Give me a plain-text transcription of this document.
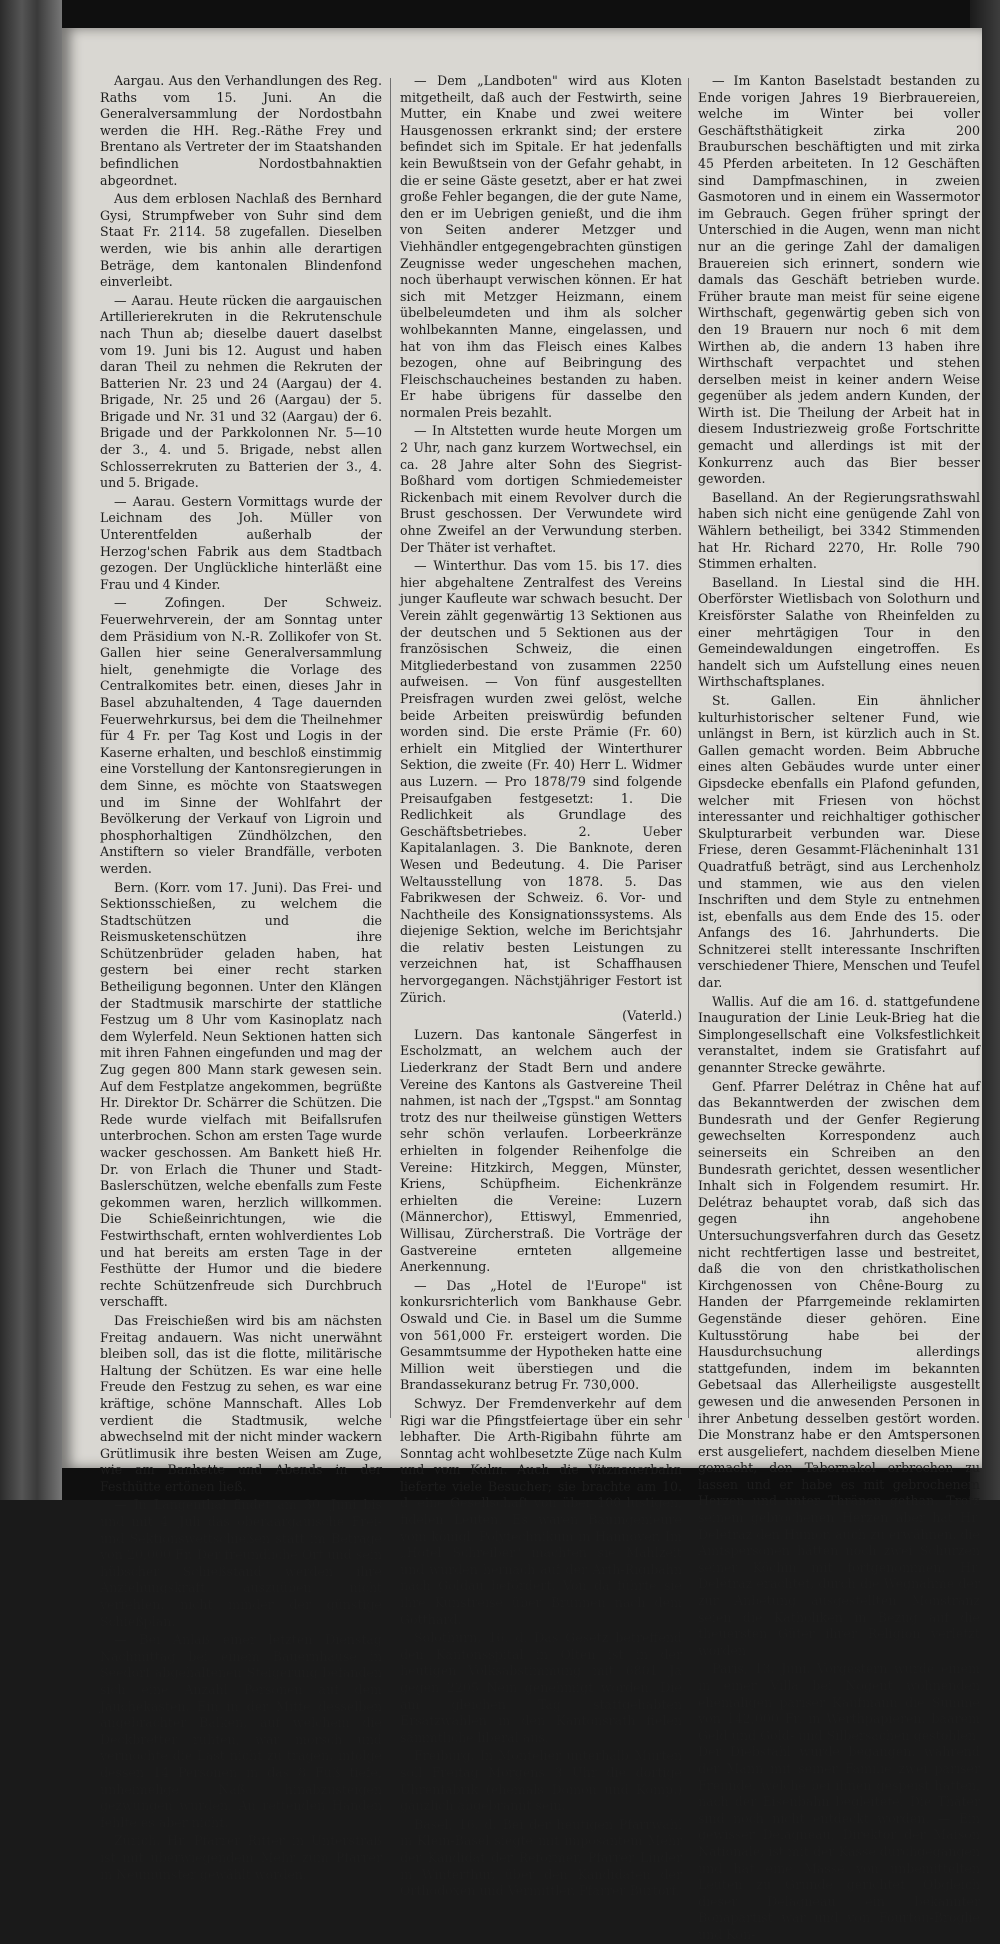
Aargau. Aus den Verhandlungen des Reg. Raths vom 15. Juni. An die Generalversammlung der Nordostbahn werden die HH. Reg.-Räthe Frey und Brentano als Vertreter der im Staatshanden befindlichen Nordostbahnaktien abgeordnet.

Aus dem erblosen Nachlaß des Bernhard Gysi, Strumpfweber von Suhr sind dem Staat Fr. 2114. 58 zugefallen. Dieselben werden, wie bis anhin alle derartigen Beträge, dem kantonalen Blindenfond einverleibt.

— Aarau. Heute rücken die aargauischen Artillerierekruten in die Rekrutenschule nach Thun ab; dieselbe dauert daselbst vom 19. Juni bis 12. August und haben daran Theil zu nehmen die Rekruten der Batterien Nr. 23 und 24 (Aargau) der 4. Brigade, Nr. 25 und 26 (Aargau) der 5. Brigade und Nr. 31 und 32 (Aargau) der 6. Brigade und der Parkkolonnen Nr. 5—10 der 3., 4. und 5. Brigade, nebst allen Schlosserrekruten zu Batterien der 3., 4. und 5. Brigade.

— Aarau. Gestern Vormittags wurde der Leichnam des Joh. Müller von Unterentfelden außerhalb der Herzog'schen Fabrik aus dem Stadtbach gezogen. Der Unglückliche hinterläßt eine Frau und 4 Kinder.

— Zofingen. Der Schweiz. Feuerwehrverein, der am Sonntag unter dem Präsidium von N.-R. Zollikofer von St. Gallen hier seine Generalversammlung hielt, genehmigte die Vorlage des Centralkomites betr. einen, dieses Jahr in Basel abzuhaltenden, 4 Tage dauernden Feuerwehrkursus, bei dem die Theilnehmer für 4 Fr. per Tag Kost und Logis in der Kaserne erhalten, und beschloß einstimmig eine Vorstellung der Kantonsregierungen in dem Sinne, es möchte von Staatswegen und im Sinne der Wohlfahrt der Bevölkerung der Verkauf von Ligroin und phosphorhaltigen Zündhölzchen, den Anstiftern so vieler Brandfälle, verboten werden.

Bern. (Korr. vom 17. Juni). Das Frei- und Sektionsschießen, zu welchem die Stadtschützen und die Reismusketenschützen ihre Schützenbrüder geladen haben, hat gestern bei einer recht starken Betheiligung begonnen. Unter den Klängen der Stadtmusik marschirte der stattliche Festzug um 8 Uhr vom Kasinoplatz nach dem Wylerfeld. Neun Sektionen hatten sich mit ihren Fahnen eingefunden und mag der Zug gegen 800 Mann stark gewesen sein. Auf dem Festplatze angekommen, begrüßte Hr. Direktor Dr. Schärrer die Schützen. Die Rede wurde vielfach mit Beifallsrufen unterbrochen. Schon am ersten Tage wurde wacker geschossen. Am Bankett hieß Hr. Dr. von Erlach die Thuner und Stadt-Baslerschützen, welche ebenfalls zum Feste gekommen waren, herzlich willkommen. Die Schießeinrichtungen, wie die Festwirthschaft, ernten wohlverdientes Lob und hat bereits am ersten Tage in der Festhütte der Humor und die biedere rechte Schützenfreude sich Durchbruch verschafft.

Das Freischießen wird bis am nächsten Freitag andauern. Was nicht unerwähnt bleiben soll, das ist die flotte, militärische Haltung der Schützen. Es war eine helle Freude den Festzug zu sehen, es war eine kräftige, schöne Mannschaft. Alles Lob verdient die Stadtmusik, welche abwechselnd mit der nicht minder wackern Grütlimusik ihre besten Weisen am Zuge, wie am Bankette und Abends in der Festhütte ertönen ließ.

— In Langenthal findet am 30. Juni bis und mit 4. Juli das oberaargauische Frei- und Sektionswettschießen statt im Betrage von 20,000 Fr. Der freundliche Ort und sein hübscher Schießstand werden ihre Anziehungskraft auszuüben nicht verfehlen, nicht minder der günstige Schießplan.

— Bei Anlaß einer letzten Dienstag Nachmittag bei einem Bauernhause in Seedorf abgehaltenen Steigerung befanden sich eine Anzahl Personen auf dem Jauchekasten. Ein in der Mitte desselben angebrachter Balken, auf welchem die Deckbretter ruhten, war morsch und vermochte die Last nicht zu tragen, infolge dessen 14 Personen in das 8 Fuß tiefe, unheimelige Naß hinabzusteigen gezwungen wurden. An rettenden Händen fehlte es aber nicht.

Zürich. Hr. Pfarrer Ritter in Unterstraß ist mit überwiegendem Mehr zum Pfarrer in Neumünster gewählt worden.

— Dem „Landboten" wird aus Kloten mitgetheilt, daß auch der Festwirth, seine Mutter, ein Knabe und zwei weitere Hausgenossen erkrankt sind; der erstere befindet sich im Spitale. Er hat jedenfalls kein Bewußtsein von der Gefahr gehabt, in die er seine Gäste gesetzt, aber er hat zwei große Fehler begangen, die der gute Name, den er im Uebrigen genießt, und die ihm von Seiten anderer Metzger und Viehhändler entgegengebrachten günstigen Zeugnisse weder ungeschehen machen, noch überhaupt verwischen können. Er hat sich mit Metzger Heizmann, einem übelbeleumdeten und ihm als solcher wohlbekannten Manne, eingelassen, und hat von ihm das Fleisch eines Kalbes bezogen, ohne auf Beibringung des Fleischschaucheines bestanden zu haben. Er habe übrigens für dasselbe den normalen Preis bezahlt.

— In Altstetten wurde heute Morgen um 2 Uhr, nach ganz kurzem Wortwechsel, ein ca. 28 Jahre alter Sohn des Siegrist-Boßhard vom dortigen Schmiedemeister Rickenbach mit einem Revolver durch die Brust geschossen. Der Verwundete wird ohne Zweifel an der Verwundung sterben. Der Thäter ist verhaftet.

— Winterthur. Das vom 15. bis 17. dies hier abgehaltene Zentralfest des Vereins junger Kaufleute war schwach besucht. Der Verein zählt gegenwärtig 13 Sektionen aus der deutschen und 5 Sektionen aus der französischen Schweiz, die einen Mitgliederbestand von zusammen 2250 aufweisen. — Von fünf ausgestellten Preisfragen wurden zwei gelöst, welche beide Arbeiten preiswürdig befunden worden sind. Die erste Prämie (Fr. 60) erhielt ein Mitglied der Winterthurer Sektion, die zweite (Fr. 40) Herr L. Widmer aus Luzern. — Pro 1878/79 sind folgende Preisaufgaben festgesetzt: 1. Die Redlichkeit als Grundlage des Geschäftsbetriebes. 2. Ueber Kapitalanlagen. 3. Die Banknote, deren Wesen und Bedeutung. 4. Die Pariser Weltausstellung von 1878. 5. Das Fabrikwesen der Schweiz. 6. Vor- und Nachtheile des Konsignationssystems. Als diejenige Sektion, welche im Berichtsjahr die relativ besten Leistungen zu verzeichnen hat, ist Schaffhausen hervorgegangen. Nächstjähriger Festort ist Zürich.

(Vaterld.)

Luzern. Das kantonale Sängerfest in Escholzmatt, an welchem auch der Liederkranz der Stadt Bern und andere Vereine des Kantons als Gastvereine Theil nahmen, ist nach der „Tgspst." am Sonntag trotz des nur theilweise günstigen Wetters sehr schön verlaufen. Lorbeerkränze erhielten in folgender Reihenfolge die Vereine: Hitzkirch, Meggen, Münster, Kriens, Schüpfheim. Eichenkränze erhielten die Vereine: Luzern (Männerchor), Ettiswyl, Emmenried, Willisau, Zürcherstraß. Die Vorträge der Gastvereine ernteten allgemeine Anerkennung.

— Das „Hotel de l'Europe" ist konkursrichterlich vom Bankhause Gebr. Oswald und Cie. in Basel um die Summe von 561,000 Fr. ersteigert worden. Die Gesammtsumme der Hypotheken hatte eine Million weit überstiegen und die Brandassekuranz betrug Fr. 730,000.

Schwyz. Der Fremdenverkehr auf dem Rigi war die Pfingstfeiertage über ein sehr lebhafter. Die Arth-Rigibahn führte am Sonntag acht wohlbesetzte Züge nach Kulm und vom Kulm. Auch die Vitznauerbahn lieferte viele Besucher; sie brachte am 10. d. eine Gesellschaft von über 100 lustigen, fidelen Leuten. Es waren Bauingenieure vom königl. Polytechnikum in Hannover. Im „Hotel Schreiber" machten sie Mahlzeit und wurden hernach auf der Arth-Rigibahn nach Goldau befördert. Von da führte sie ihre Kunstreise über Brunnen nach dem Gotthard.

Solothurn, 16. d. Das Gesetz betreffend den Kantonsspital in Olten ist in der heutigen Volksabstimmung mit 6801 Ja gegen 2205 Nein genehmigt worden. Die am gleichen Tag stattgehabten Ersatzwahlen in den Kantonsrath fielen sämmtliche liberal aus.

Freiburg. In Montelier unterhalb Murten soll Freitag Morgens 3 Uhr die dortige Uhrenfabrik (ehemals Domon und Komp.) gänzlich abgebrannt sein.

Basel, 16. d. Bei der heutigen Pfarrwahl in Klein-Basel siegte mit imposantem Mehr der Kandidat der Reformer, Pfarrer Linder in Winterthur, über den Kandidaten der Orthodoxen und Vermittler, Pfarrer Burtorf.

— Im Kanton Baselstadt bestanden zu Ende vorigen Jahres 19 Bierbrauereien, welche im Winter bei voller Geschäftsthätigkeit zirka 200 Brauburschen beschäftigten und mit zirka 45 Pferden arbeiteten. In 12 Geschäften sind Dampfmaschinen, in zweien Gasmotoren und in einem ein Wassermotor im Gebrauch. Gegen früher springt der Unterschied in die Augen, wenn man nicht nur an die geringe Zahl der damaligen Brauereien sich erinnert, sondern wie damals das Geschäft betrieben wurde. Früher braute man meist für seine eigene Wirthschaft, gegenwärtig geben sich von den 19 Brauern nur noch 6 mit dem Wirthen ab, die andern 13 haben ihre Wirthschaft verpachtet und stehen derselben meist in keiner andern Weise gegenüber als jedem andern Kunden, der Wirth ist. Die Theilung der Arbeit hat in diesem Industriezweig große Fortschritte gemacht und allerdings ist mit der Konkurrenz auch das Bier besser geworden.

Baselland. An der Regierungsrathswahl haben sich nicht eine genügende Zahl von Wählern betheiligt, bei 3342 Stimmenden hat Hr. Richard 2270, Hr. Rolle 790 Stimmen erhalten.

Baselland. In Liestal sind die HH. Oberförster Wietlisbach von Solothurn und Kreisförster Salathe von Rheinfelden zu einer mehrtägigen Tour in den Gemeindewaldungen eingetroffen. Es handelt sich um Aufstellung eines neuen Wirthschaftsplanes.

St. Gallen. Ein ähnlicher kulturhistorischer seltener Fund, wie unlängst in Bern, ist kürzlich auch in St. Gallen gemacht worden. Beim Abbruche eines alten Gebäudes wurde unter einer Gipsdecke ebenfalls ein Plafond gefunden, welcher mit Friesen von höchst interessanter und reichhaltiger gothischer Skulpturarbeit verbunden war. Diese Friese, deren Gesammt-Flächeninhalt 131 Quadratfuß beträgt, sind aus Lerchenholz und stammen, wie aus den vielen Inschriften und dem Style zu entnehmen ist, ebenfalls aus dem Ende des 15. oder Anfangs des 16. Jahrhunderts. Die Schnitzerei stellt interessante Inschriften verschiedener Thiere, Menschen und Teufel dar.

Wallis. Auf die am 16. d. stattgefundene Inauguration der Linie Leuk-Brieg hat die Simplongesellschaft eine Volksfestlichkeit veranstaltet, indem sie Gratisfahrt auf genannter Strecke gewährte.

Genf. Pfarrer Delétraz in Chêne hat auf das Bekanntwerden der zwischen dem Bundesrath und der Genfer Regierung gewechselten Korrespondenz auch seinerseits ein Schreiben an den Bundesrath gerichtet, dessen wesentlicher Inhalt sich in Folgendem resumirt. Hr. Delétraz behauptet vorab, daß sich das gegen ihn angehobene Untersuchungsverfahren durch das Gesetz nicht rechtfertigen lasse und bestreitet, daß die von den christkatholischen Kirchgenossen von Chêne-Bourg zu Handen der Pfarrgemeinde reklamirten Gegenstände dieser gehören. Eine Kultusstörung habe bei der Hausdurchsuchung allerdings stattgefunden, indem im bekannten Gebetsaal das Allerheiligste ausgestellt gewesen und die anwesenden Personen in ihrer Anbetung desselben gestört worden. Die Monstranz habe er den Amtspersonen erst ausgeliefert, nachdem dieselben Miene gemacht, den Tabernakel erbrechen zu lassen und er habe es mit gebrochenem Herzen und unter Thränen gethan. Trotz seinem gebrochenen Herzen aber hat Hr. Delétraz den Humor, auch zu erwähnen, die Amtspersonen hätten noch zwei Schürzen seiner Köchin mit fortgenommen. Hr. Delétraz erachtet, durch die Wegnahme der zur Anbetung ausgestellten Monstranz seien die Katholiken in Bezug auf die theuersten Güter ihrer Religion verletzt worden.

Paris, 13. Juni. Vorgestern wurde einem in einer Villa bei Nogent wohnenden ehemaligen pariser Kaufmann die Summe von 142,000 Fr. in Werthpapieren, baarem Geld und Gold- und Silbersachen gestohlen. Der Diebstahl wurde begangen, während der Mann mit seiner Familie zwei pariser Freunde, welche bei ihnen gespeist hatten, nach der Eisenbahn begleitete. Die Thäter sind noch nicht entdeckt worden. — Ein gewisser Delagneau, Direktor der Maison Nationale, ist mit der Kasse durchgegangen und hat eine Masse von unbemittelten Leuten zu Grunde gerichtet. Obgleich dieser Delagneau ein bekannter Bonapartist war und von Fourtou-Broglie und Kon-
